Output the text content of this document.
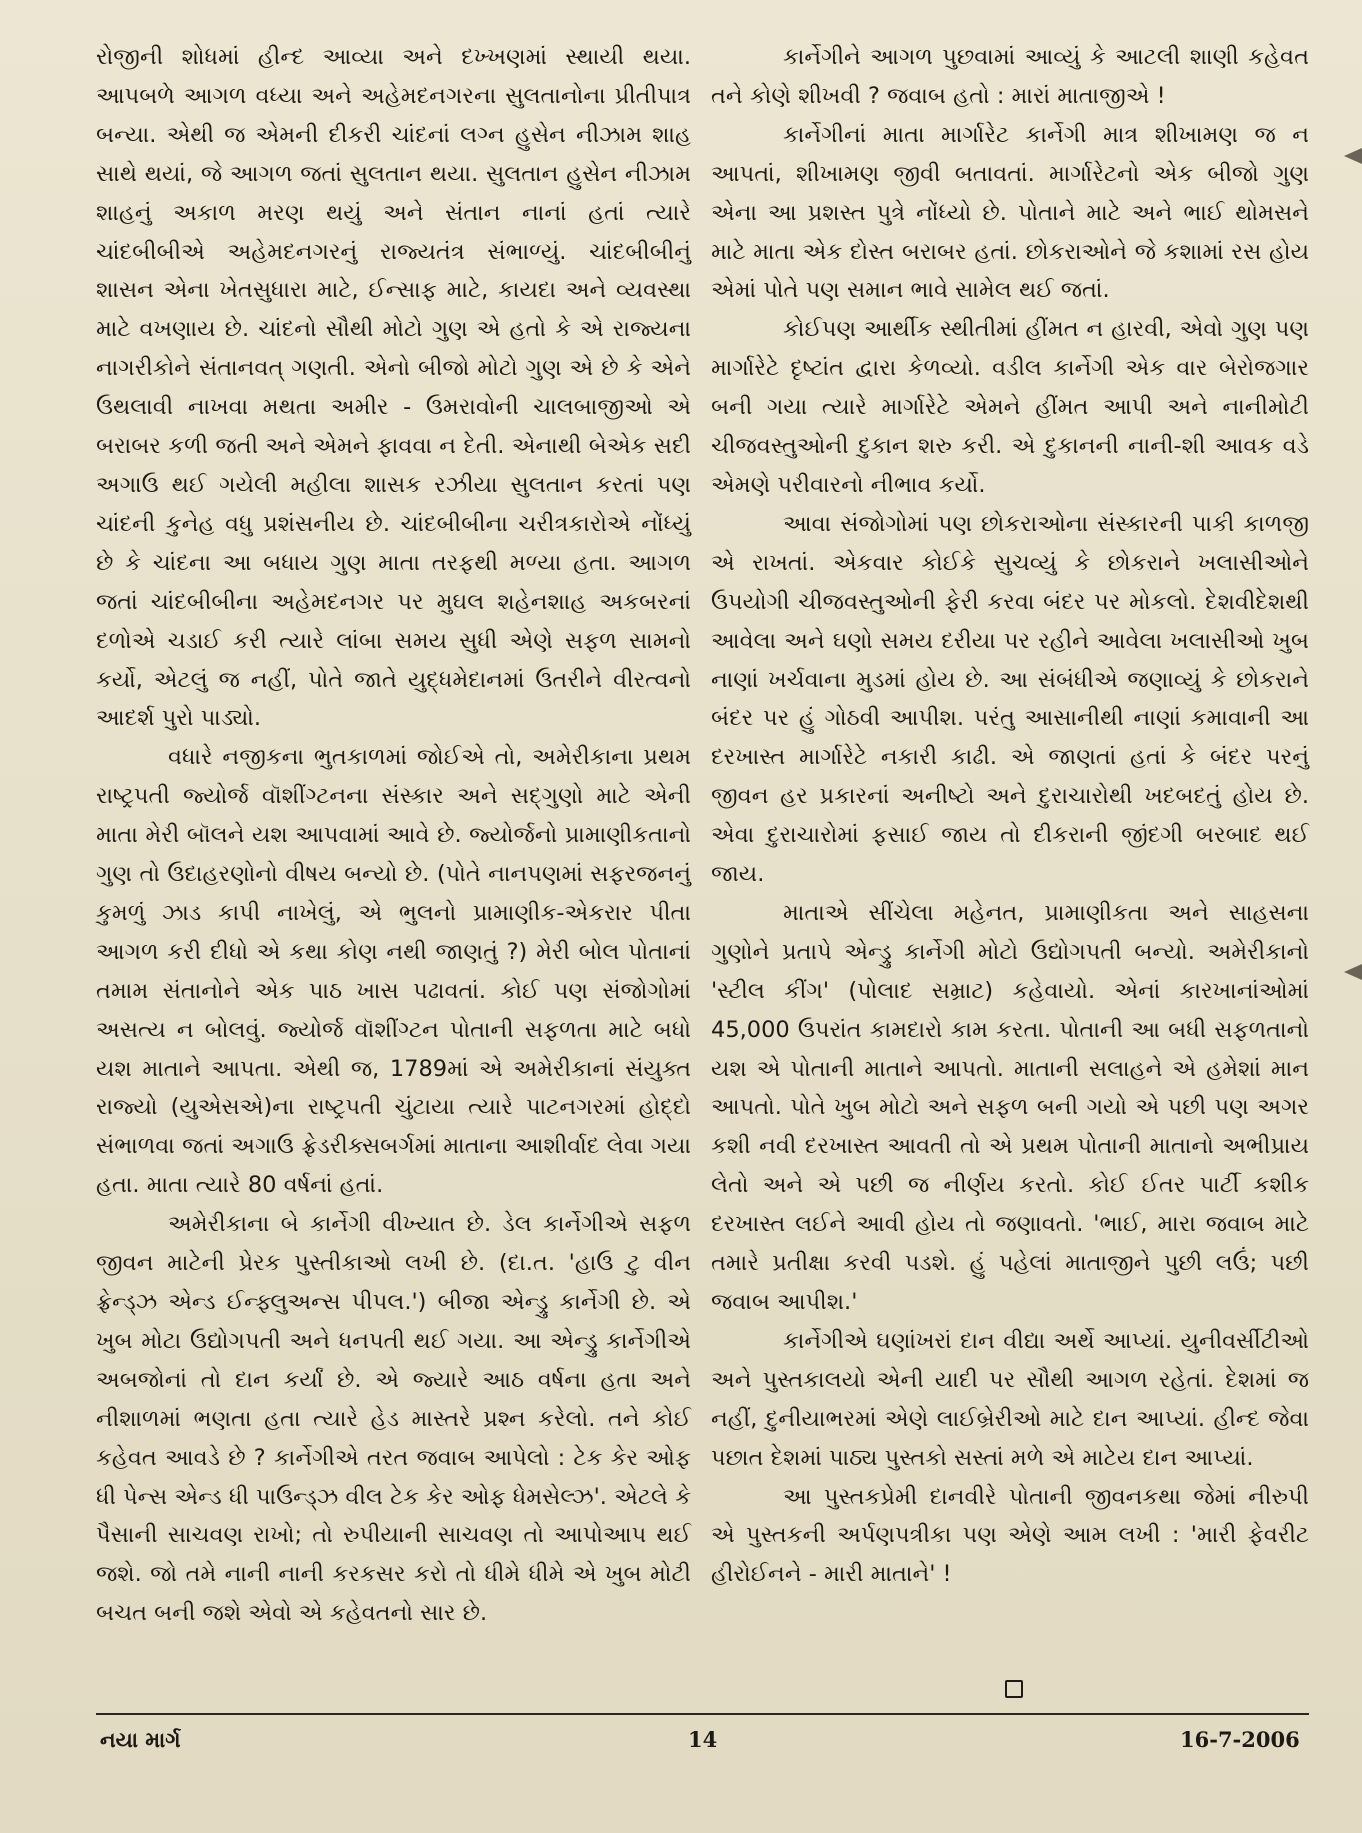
રોજીની શોધમાં હીન્દ આવ્યા અને દખ્ખણમાં સ્થાયી થયા. આપબળે આગળ વધ્યા અને અહેમદનગરના સુલતાનોના પ્રીતીપાત્ર બન્યા. એથી જ એમની દીકરી ચાંદનાં લગ્ન હુસેન નીઝામ શાહ સાથે થયાં, જે આગળ જતાં સુલતાન થયા. સુલતાન હુસેન નીઝામ શાહનું અકાળ મરણ થયું અને સંતાન નાનાં હતાં ત્યારે ચાંદબીબીએ અહેમદનગરનું રાજ્યતંત્ર સંભાળ્યું. ચાંદબીબીનું શાસન એના ખેતસુધારા માટે, ઈન્સાફ માટે, કાયદા અને વ્યવસ્થા માટે વખણાય છે. ચાંદનો સૌથી મોટો ગુણ એ હતો કે એ રાજ્યના નાગરીકોને સંતાનવત્ ગણતી. એનો બીજો મોટો ગુણ એ છે કે એને ઉથલાવી નાખવા મથતા અમીર - ઉમરાવોની ચાલબાજીઓ એ બરાબર કળી જતી અને એમને ફાવવા ન દેતી. એનાથી બેએક સદી અગાઉ થઈ ગયેલી મહીલા શાસક રઝીયા સુલતાન કરતાં પણ ચાંદની કુનેહ વધુ પ્રશંસનીય છે. ચાંદબીબીના ચરીત્રકારોએ નોંધ્યું છે કે ચાંદના આ બધાય ગુણ માતા તરફથી મળ્યા હતા. આગળ જતાં ચાંદબીબીના અહેમદનગર પર મુઘલ શહેનશાહ અકબરનાં દળોએ ચડાઈ કરી ત્યારે લાંબા સમય સુધી એણે સફળ સામનો કર્યો, એટલું જ નહીં, પોતે જાતે યુદ્ધમેદાનમાં ઉતરીને વીરત્વનો આદર્શ પુરો પાડ્યો.

વધારે નજીકના ભુતકાળમાં જોઈએ તો, અમેરીકાના પ્રથમ રાષ્ટ્રપતી જ્યોર્જ વૉશીંગ્ટનના સંસ્કાર અને સદ્ગુણો માટે એની માતા મેરી બૉલને યશ આપવામાં આવે છે. જ્યોર્જનો પ્રામાણીકતાનો ગુણ તો ઉદાહરણોનો વીષય બન્યો છે. (પોતે નાનપણમાં સફરજનનું કુમળું ઝાડ કાપી નાખેલું, એ ભુલનો પ્રામાણીક-એકરાર પીતા આગળ કરી દીધો એ કથા કોણ નથી જાણતું ?) મેરી બોલ પોતાનાં તમામ સંતાનોને એક પાઠ ખાસ પઢાવતાં. કોઈ પણ સંજોગોમાં અસત્ય ન બોલવું. જ્યોર્જ વૉશીંગ્ટન પોતાની સફળતા માટે બધો યશ માતાને આપતા. એથી જ, 1789માં એ અમેરીકાનાં સંયુક્ત રાજ્યો (યુએસએ)ના રાષ્ટ્રપતી ચુંટાયા ત્યારે પાટનગરમાં હોદ્દો સંભાળવા જતાં અગાઉ ફ્રેડરીક્સબર્ગમાં માતાના આશીર્વાદ લેવા ગયા હતા. માતા ત્યારે 80 વર્ષનાં હતાં.

અમેરીકાના બે કાર્નેગી વીખ્યાત છે. ડેલ કાર્નેગીએ સફળ જીવન માટેની પ્રેરક પુસ્તીકાઓ લખી છે. (દા.ત. 'હાઉ ટુ વીન ફ્રેન્ડ્ઝ એન્ડ ઈન્ફ્લુઅન્સ પીપલ.') બીજા એન્ડ્રુ કાર્નેગી છે. એ ખુબ મોટા ઉદ્યોગપતી અને ધનપતી થઈ ગયા. આ એન્ડ્રુ કાર્નેગીએ અબજોનાં તો દાન કર્યાં છે. એ જ્યારે આઠ વર્ષના હતા અને નીશાળમાં ભણતા હતા ત્યારે હેડ માસ્તરે પ્રશ્ન કરેલો. તને કોઈ કહેવત આવડે છે ? કાર્નેગીએ તરત જવાબ આપેલો : ટેક કેર ઓફ ધી પેન્સ એન્ડ ધી પાઉન્ડ્ઝ વીલ ટેક કેર ઓફ ધેમસેલ્ઝ'. એટલે કે પૈસાની સાચવણ રાખો; તો રુપીયાની સાચવણ તો આપોઆપ થઈ જશે. જો તમે નાની નાની કરકસર કરો તો ધીમે ધીમે એ ખુબ મોટી બચત બની જશે એવો એ કહેવતનો સાર છે.

કાર્નેગીને આગળ પુછવામાં આવ્યું કે આટલી શાણી કહેવત તને કોણે શીખવી ? જવાબ હતો : મારાં માતાજીએ !

કાર્નેગીનાં માતા માર્ગારેટ કાર્નેગી માત્ર શીખામણ જ ન આપતાં, શીખામણ જીવી બતાવતાં. માર્ગારેટનો એક બીજો ગુણ એના આ પ્રશસ્ત પુત્રે નોંધ્યો છે. પોતાને માટે અને ભાઈ થોમસને માટે માતા એક દોસ્ત બરાબર હતાં. છોકરાઓને જે કશામાં રસ હોય એમાં પોતે પણ સમાન ભાવે સામેલ થઈ જતાં.

કોઈપણ આર્થીક સ્થીતીમાં હીંમત ન હારવી, એવો ગુણ પણ માર્ગારેટે દૃષ્ટાંત દ્વારા કેળવ્યો. વડીલ કાર્નેગી એક વાર બેરોજગાર બની ગયા ત્યારે માર્ગારેટે એમને હીંમત આપી અને નાનીમોટી ચીજવસ્તુઓની દુકાન શરુ કરી. એ દુકાનની નાની-શી આવક વડે એમણે પરીવારનો નીભાવ કર્યો.

આવા સંજોગોમાં પણ છોકરાઓના સંસ્કારની પાકી કાળજી એ રાખતાં. એકવાર કોઈકે સુચવ્યું કે છોકરાને ખલાસીઓને ઉપયોગી ચીજવસ્તુઓની ફેરી કરવા બંદર પર મોકલો. દેશવીદેશથી આવેલા અને ઘણો સમય દરીયા પર રહીને આવેલા ખલાસીઓ ખુબ નાણાં ખર્ચવાના મુડમાં હોય છે. આ સંબંધીએ જણાવ્યું કે છોકરાને બંદર પર હું ગોઠવી આપીશ. પરંતુ આસાનીથી નાણાં કમાવાની આ દરખાસ્ત માર્ગારેટે નકારી કાઢી. એ જાણતાં હતાં કે બંદર પરનું જીવન હર પ્રકારનાં અનીષ્ટો અને દુરાચારોથી ખદબદતું હોય છે. એવા દુરાચારોમાં ફસાઈ જાય તો દીકરાની જીંદગી બરબાદ થઈ જાય.

માતાએ સીંચેલા મહેનત, પ્રામાણીકતા અને સાહસના ગુણોને પ્રતાપે એન્ડ્રુ કાર્નેગી મોટો ઉદ્યોગપતી બન્યો. અમેરીકાનો 'સ્ટીલ કીંગ' (પોલાદ સમ્રાટ) કહેવાયો. એનાં કારખાનાંઓમાં 45,000 ઉપરાંત કામદારો કામ કરતા. પોતાની આ બધી સફળતાનો યશ એ પોતાની માતાને આપતો. માતાની સલાહને એ હમેશાં માન આપતો. પોતે ખુબ મોટો અને સફળ બની ગયો એ પછી પણ અગર કશી નવી દરખાસ્ત આવતી તો એ પ્રથમ પોતાની માતાનો અભીપ્રાય લેતો અને એ પછી જ નીર્ણય કરતો. કોઈ ઈતર પાર્ટી કશીક દરખાસ્ત લઈને આવી હોય તો જણાવતો. 'ભાઈ, મારા જવાબ માટે તમારે પ્રતીક્ષા કરવી પડશે. હું પહેલાં માતાજીને પુછી લઉં; પછી જવાબ આપીશ.'

કાર્નેગીએ ઘણાંખરાં દાન વીદ્યા અર્થે આપ્યાં. યુનીવર્સીટીઓ અને પુસ્તકાલયો એની યાદી પર સૌથી આગળ રહેતાં. દેશમાં જ નહીં, દુનીયાભરમાં એણે લાઈબ્રેરીઓ માટે દાન આપ્યાં. હીન્દ જેવા પછાત દેશમાં પાઠ્ય પુસ્તકો સસ્તાં મળે એ માટેય દાન આપ્યાં.

આ પુસ્તકપ્રેમી દાનવીરે પોતાની જીવનકથા જેમાં નીરુપી એ પુસ્તકની અર્પણપત્રીકા પણ એણે આમ લખી : 'મારી ફેવરીટ હીરોઈનને - મારી માતાને' !

નયા માર્ગ	14	16-7-2006
